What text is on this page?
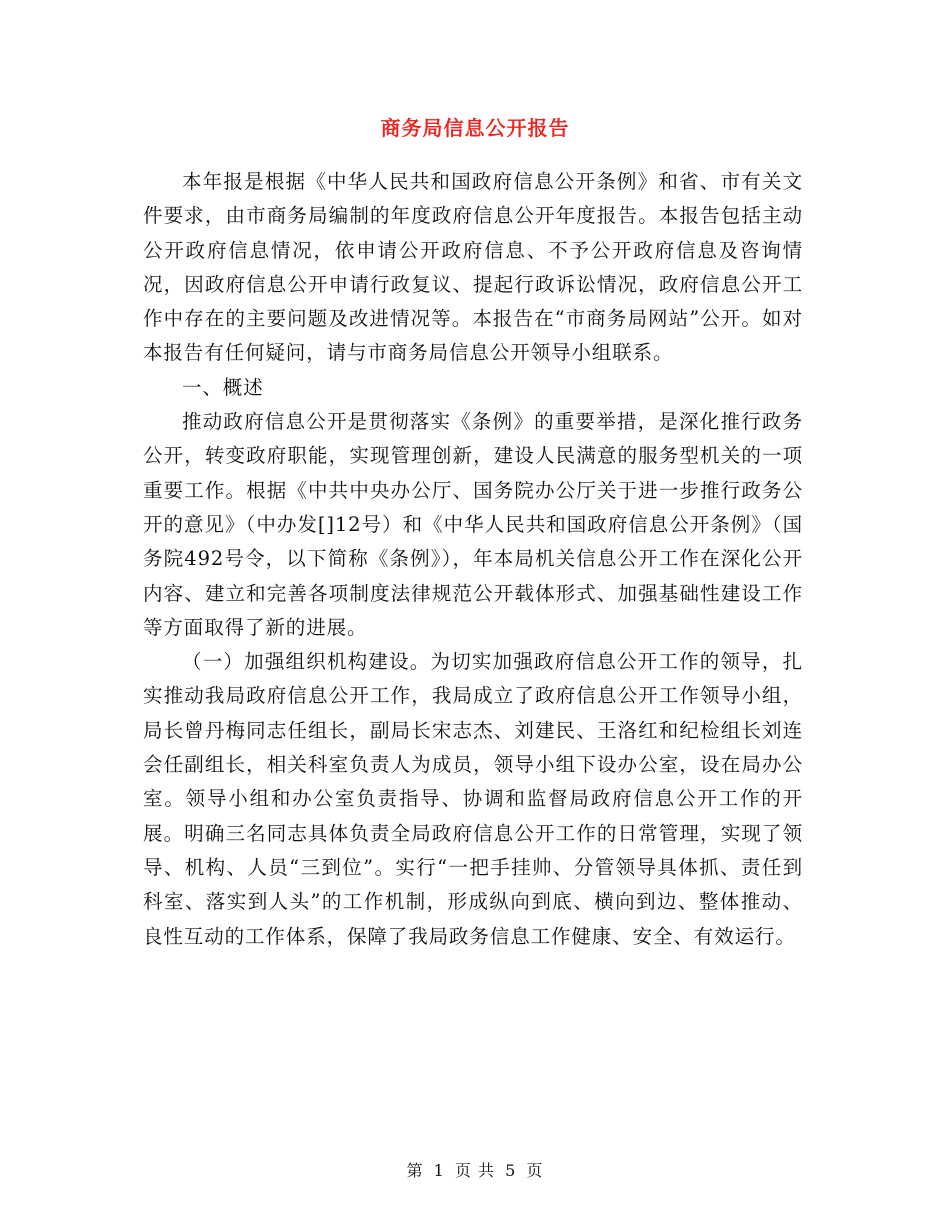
商务局信息公开报告

本年报是根据《中华人民共和国政府信息公开条例》和省、市有关文件要求，由市商务局编制的年度政府信息公开年度报告。本报告包括主动公开政府信息情况，依申请公开政府信息、不予公开政府信息及咨询情况，因政府信息公开申请行政复议、提起行政诉讼情况，政府信息公开工作中存在的主要问题及改进情况等。本报告在“市商务局网站”公开。如对本报告有任何疑问，请与市商务局信息公开领导小组联系。

一、概述

推动政府信息公开是贯彻落实《条例》的重要举措，是深化推行政务公开，转变政府职能，实现管理创新，建设人民满意的服务型机关的一项重要工作。根据《中共中央办公厅、国务院办公厅关于进一步推行政务公开的意见》（中办发[]12号）和《中华人民共和国政府信息公开条例》（国务院492号令，以下简称《条例》），年本局机关信息公开工作在深化公开内容、建立和完善各项制度法律规范公开载体形式、加强基础性建设工作等方面取得了新的进展。

（一）加强组织机构建设。为切实加强政府信息公开工作的领导，扎实推动我局政府信息公开工作，我局成立了政府信息公开工作领导小组，局长曾丹梅同志任组长，副局长宋志杰、刘建民、王洛红和纪检组长刘连会任副组长，相关科室负责人为成员，领导小组下设办公室，设在局办公室。领导小组和办公室负责指导、协调和监督局政府信息公开工作的开展。明确三名同志具体负责全局政府信息公开工作的日常管理，实现了领导、机构、人员“三到位”。实行“一把手挂帅、分管领导具体抓、责任到科室、落实到人头”的工作机制，形成纵向到底、横向到边、整体推动、良性互动的工作体系，保障了我局政务信息工作健康、安全、有效运行。

第 1 页 共 5 页
